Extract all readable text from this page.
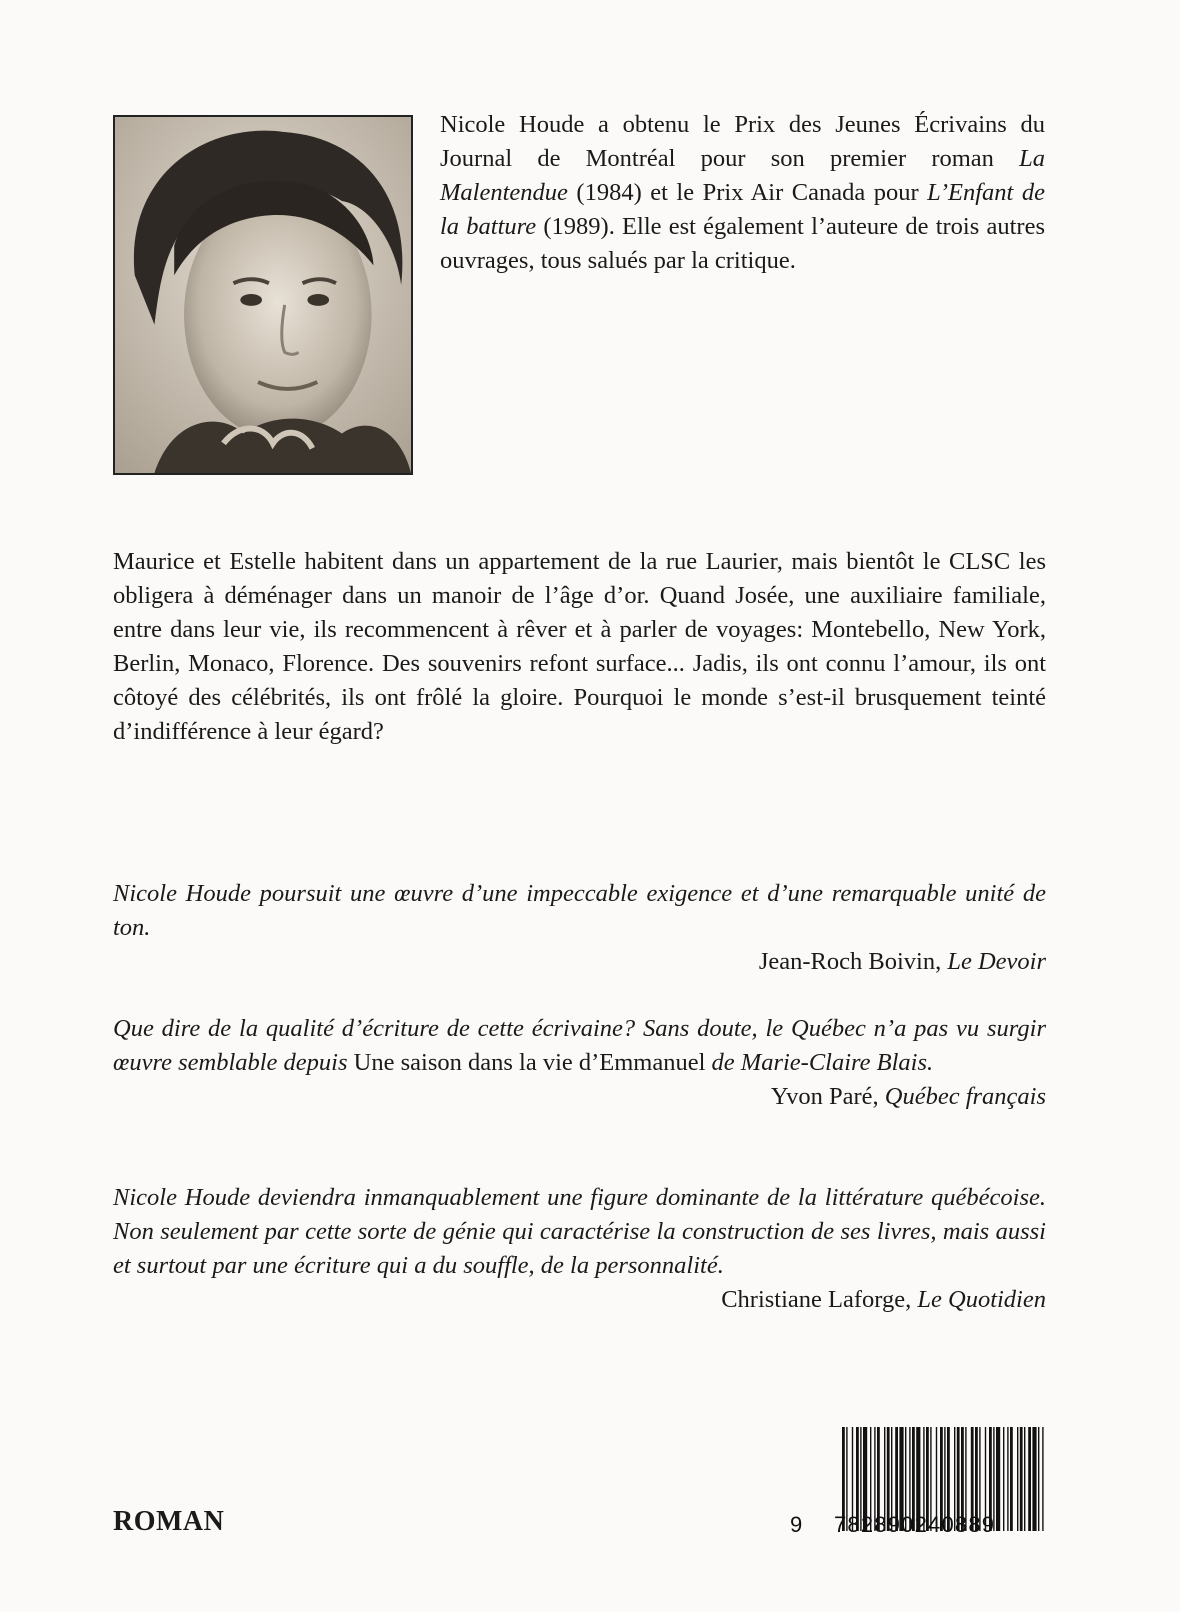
Nicole Houde a obtenu le Prix des Jeunes Écrivains du Journal de Montréal pour son premier roman La Malentendue (1984) et le Prix Air Canada pour L’Enfant de la batture (1989). Elle est également l’auteure de trois autres ouvrages, tous salués par la critique.
Maurice et Estelle habitent dans un appartement de la rue Laurier, mais bientôt le CLSC les obligera à déménager dans un manoir de l’âge d’or. Quand Josée, une auxiliaire familiale, entre dans leur vie, ils recommencent à rêver et à parler de voyages: Montebello, New York, Berlin, Monaco, Florence. Des souvenirs refont surface... Jadis, ils ont connu l’amour, ils ont côtoyé des célébrités, ils ont frôlé la gloire. Pourquoi le monde s’est-il brusquement teinté d’indifférence à leur égard?
Nicole Houde poursuit une œuvre d’une impeccable exigence et d’une remarquable unité de ton.
Jean-Roch Boivin, Le Devoir
Que dire de la qualité d’écriture de cette écrivaine? Sans doute, le Québec n’a pas vu surgir œuvre semblable depuis Une saison dans la vie d’Emmanuel de Marie-Claire Blais.
Yvon Paré, Québec français
Nicole Houde deviendra inmanquablement une figure dominante de la littérature québécoise. Non seulement par cette sorte de génie qui caractérise la construction de ses livres, mais aussi et surtout par une écriture qui a du souffle, de la personnalité.
Christiane Laforge, Le Quotidien
ROMAN	9 782890240889
